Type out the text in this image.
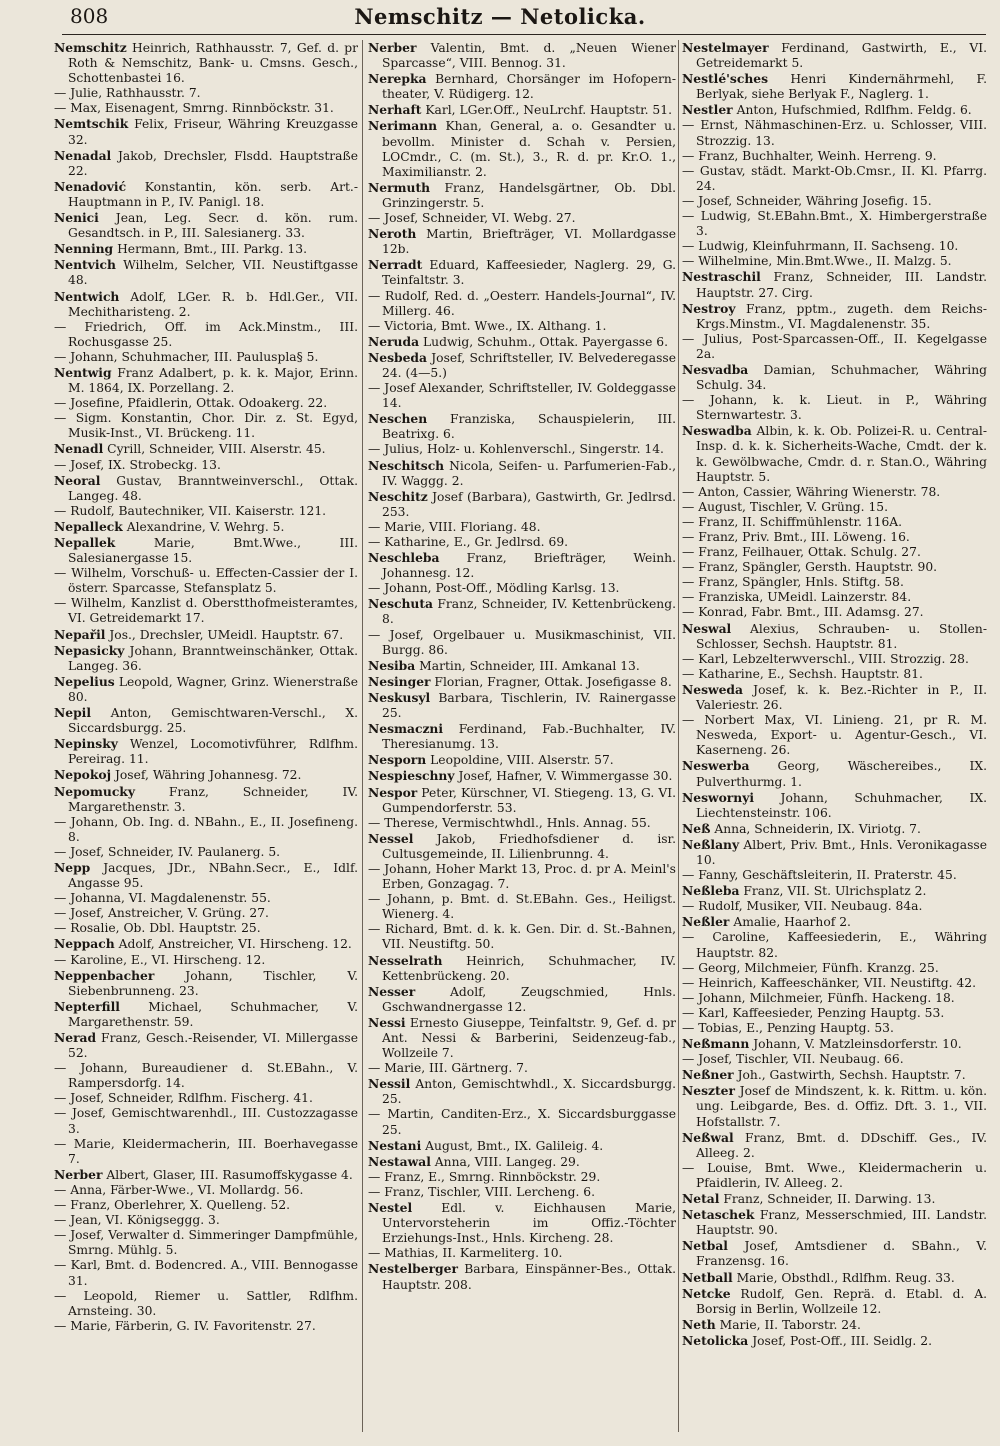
808	Nemschitz — Netolicka.

Nemschitz Heinrich, Rathhausstr. 7, Gef. d. pr Roth & Nemschitz, Bank- u. Cmsns. Gesch., Schottenbastei 16.

— Julie, Rathhausstr. 7.

— Max, Eisenagent, Smrng. Rinnböckstr. 31.

Nemtschik Felix, Friseur, Währing Kreuzgasse 32.

Nenadal Jakob, Drechsler, Flsdd. Hauptstraße 22.

Nenadović Konstantin, kön. serb. Art.-Hauptmann in P., IV. Panigl. 18.

Nenici Jean, Leg. Secr. d. kön. rum. Gesandtsch. in P., III. Salesianerg. 33.

Nenning Hermann, Bmt., III. Parkg. 13.

Nentvich Wilhelm, Selcher, VII. Neustiftgasse 48.

Nentwich Adolf, LGer. R. b. Hdl.Ger., VII. Mechitharisteng. 2.

— Friedrich, Off. im Ack.Minstm., III. Rochusgasse 25.

— Johann, Schuhmacher, III. Pauluspla§ 5.

Nentwig Franz Adalbert, p. k. k. Major, Erinn. M. 1864, IX. Porzellang. 2.

— Josefine, Pfaidlerin, Ottak. Odoakerg. 22.

— Sigm. Konstantin, Chor. Dir. z. St. Egyd, Musik-Inst., VI. Brückeng. 11.

Nenadl Cyrill, Schneider, VIII. Alserstr. 45.

— Josef, IX. Strobeckg. 13.

Neoral Gustav, Branntweinverschl., Ottak. Langeg. 48.

— Rudolf, Bautechniker, VII. Kaiserstr. 121.

Nepalleck Alexandrine, V. Wehrg. 5.

Nepallek	Marie, Bmt.Wwe., III. Salesianergasse 15.

— Wilhelm, Vorschuß- u. Effecten-Cassier der I. österr. Sparcasse, Stefansplatz 5.

— Wilhelm, Kanzlist d. Oberstthofmeisteramtes, VI. Getreidemarkt 17.

Nepařil Jos., Drechsler, UMeidl. Hauptstr. 67.

Nepasicky Johann, Branntweinschänker, Ottak. Langeg. 36.

Nepelius Leopold, Wagner, Grinz. Wienerstraße 80.

Nepil Anton, Gemischtwaren-Verschl., X. Siccardsburgg. 25.

Nepinsky Wenzel, Locomotivführer, Rdlfhm. Pereirag. 11.

Nepokoj Josef, Währing Johannesg. 72.

Nepomucky	Franz, Schneider, IV. Margarethenstr. 3.

— Johann, Ob. Ing. d. NBahn., E., II. Josefineng. 8.

— Josef, Schneider, IV. Paulanerg. 5.

Nepp Jacques, JDr., NBahn.Secr., E., Idlf. Angasse 95.

— Johanna, VI. Magdalenenstr. 55.

— Josef, Anstreicher, V. Grüng. 27.

— Rosalie, Ob. Dbl. Hauptstr. 25.

Neppach Adolf, Anstreicher, VI. Hirscheng. 12.

— Karoline, E., VI. Hirscheng. 12.

Neppenbacher	Johann, Tischler, V. Siebenbrunneng. 23.

Nepterfill Michael, Schuhmacher, V. Margarethenstr. 59.

Nerad Franz, Gesch.-Reisender, VI. Millergasse 52.

— Johann, Bureaudiener d. St.EBahn., V. Rampersdorfg. 14.

— Josef, Schneider, Rdlfhm. Fischerg. 41.

— Josef, Gemischtwarenhdl., III. Custozzagasse 3.

— Marie, Kleidermacherin, III. Boerhavegasse 7.

Nerber Albert, Glaser, III. Rasumoffskygasse 4.

— Anna, Färber-Wwe., VI. Mollardg. 56.

— Franz, Oberlehrer, X. Quelleng. 52.

— Jean, VI. Königseggg. 3.

— Josef, Verwalter d. Simmeringer Dampfmühle, Smrng. Mühlg. 5.

— Karl, Bmt. d. Bodencred. A., VIII. Bennogasse 31.

— Leopold, Riemer u. Sattler, Rdlfhm. Arnsteing. 30.

— Marie, Färberin, G. IV. Favoritenstr. 27.

Nerber Valentin, Bmt. d. „Neuen Wiener Sparcasse“, VIII. Bennog. 31.

Nerepka Bernhard, Chorsänger im Hofopern-theater, V. Rüdigerg. 12.

Nerhaft Karl, LGer.Off., NeuLrchf. Hauptstr. 51.

Nerimann Khan, General, a. o. Gesandter u. bevollm. Minister d. Schah v. Persien, LOCmdr., C. (m. St.), 3., R. d. pr. Kr.O. 1., Maximilianstr. 2.

Nermuth Franz, Handelsgärtner, Ob. Dbl. Grinzingerstr. 5.

— Josef, Schneider, VI. Webg. 27.

Neroth Martin, Briefträger, VI. Mollardgasse 12b.

Nerradt Eduard, Kaffeesieder, Naglerg. 29, G. Teinfaltstr. 3.

— Rudolf, Red. d. „Oesterr. Handels-Journal“, IV. Millerg. 46.

— Victoria, Bmt. Wwe., IX. Althang. 1.

Neruda Ludwig, Schuhm., Ottak. Payergasse 6.

Nesbeda Josef, Schriftsteller, IV. Belvederegasse 24. (4—5.)

— Josef Alexander, Schriftsteller, IV. Goldeggasse 14.

Neschen Franziska, Schauspielerin, III. Beatrixg. 6.

— Julius, Holz- u. Kohlenverschl., Singerstr. 14.

Neschitsch Nicola, Seifen- u. Parfumerien-Fab., IV. Waggg. 2.

Neschitz Josef (Barbara), Gastwirth, Gr. Jedlrsd. 253.

— Marie, VIII. Floriang. 48.

— Katharine, E., Gr. Jedlrsd. 69.

Neschleba Franz, Briefträger, Weinh. Johannesg. 12.

— Johann, Post-Off., Mödling Karlsg. 13.

Neschuta Franz, Schneider, IV. Kettenbrückeng. 8.

— Josef, Orgelbauer u. Musikmaschinist, VII. Burgg. 86.

Nesiba Martin, Schneider, III. Amkanal 13.

Nesinger Florian, Fragner, Ottak. Josefigasse 8.

Neskusyl Barbara, Tischlerin, IV. Rainergasse 25.

Nesmaczni Ferdinand, Fab.-Buchhalter, IV. Theresianumg. 13.

Nesporn Leopoldine, VIII. Alserstr. 57.

Nespieschny Josef, Hafner, V. Wimmergasse 30.

Nespor Peter, Kürschner, VI. Stiegeng. 13, G. VI. Gumpendorferstr. 53.

— Therese, Vermischtwhdl., Hnls. Annag. 55.

Nessel Jakob, Friedhofsdiener d. isr. Cultusgemeinde, II. Lilienbrunng. 4.

— Johann, Hoher Markt 13, Proc. d. pr A. Meinl's Erben, Gonzagag. 7.

— Johann, p. Bmt. d. St.EBahn. Ges., Heiligst. Wienerg. 4.

— Richard, Bmt. d. k. k. Gen. Dir. d. St.-Bahnen, VII. Neustiftg. 50.

Nesselrath Heinrich, Schuhmacher, IV. Kettenbrückeng. 20.

Nesser	Adolf, Zeugschmied, Hnls. Gschwandnergasse 12.

Nessi Ernesto Giuseppe, Teinfaltstr. 9, Gef. d. pr Ant. Nessi & Barberini, Seidenzeug-fab., Wollzeile 7.

— Marie, III. Gärtnerg. 7.

Nessil Anton, Gemischtwhdl., X. Siccardsburgg. 25.

— Martin, Canditen-Erz., X. Siccardsburggasse 25.

Nestani August, Bmt., IX. Galileig. 4.

Nestawal Anna, VIII. Langeg. 29.

— Franz, E., Smrng. Rinnböckstr. 29.

— Franz, Tischler, VIII. Lercheng. 6.

Nestel Edl. v. Eichhausen Marie, Untervorsteherin im Offiz.-Töchter Erziehungs-Inst., Hnls. Kircheng. 28.

— Mathias, II. Karmeliterg. 10.

Nestelberger Barbara, Einspänner-Bes., Ottak. Hauptstr. 208.

Nestelmayer Ferdinand, Gastwirth, E., VI. Getreidemarkt 5.

Nestlé'sches Henri Kindernährmehl, F. Berlyak, siehe Berlyak F., Naglerg. 1.

Nestler Anton, Hufschmied, Rdlfhm. Feldg. 6.

— Ernst, Nähmaschinen-Erz. u. Schlosser, VIII. Strozzig. 13.

— Franz, Buchhalter, Weinh. Herreng. 9.

— Gustav, städt. Markt-Ob.Cmsr., II. Kl. Pfarrg. 24.

— Josef, Schneider, Währing Josefig. 15.

— Ludwig, St.EBahn.Bmt., X. Himbergerstraße 3.

— Ludwig, Kleinfuhrmann, II. Sachseng. 10.

— Wilhelmine, Min.Bmt.Wwe., II. Malzg. 5.

Nestraschil Franz, Schneider, III. Landstr. Hauptstr. 27. Cirg.

Nestroy Franz, pptm., zugeth. dem Reichs-Krgs.Minstm., VI. Magdalenenstr. 35.

— Julius, Post-Sparcassen-Off., II. Kegelgasse 2a.

Nesvadba Damian, Schuhmacher, Währing Schulg. 34.

— Johann, k. k. Lieut. in P., Währing Sternwartestr. 3.

Neswadba Albin, k. k. Ob. Polizei-R. u. Central-Insp. d. k. k. Sicherheits-Wache, Cmdt. der k. k. Gewölbwache, Cmdr. d. r. Stan.O., Währing Hauptstr. 5.

— Anton, Cassier, Währing Wienerstr. 78.

— August, Tischler, V. Grüng. 15.

— Franz, II. Schiffmühlenstr. 116A.

— Franz, Priv. Bmt., III. Löweng. 16.

— Franz, Feilhauer, Ottak. Schulg. 27.

— Franz, Spängler, Gersth. Hauptstr. 90.

— Franz, Spängler, Hnls. Stiftg. 58.

— Franziska, UMeidl. Lainzerstr. 84.

— Konrad, Fabr. Bmt., III. Adamsg. 27.

Neswal Alexius, Schrauben- u. Stollen-Schlosser, Sechsh. Hauptstr. 81.

— Karl, Lebzelterwverschl., VIII. Strozzig. 28.

— Katharine, E., Sechsh. Hauptstr. 81.

Nesweda Josef, k. k. Bez.-Richter in P., II. Valeriestr. 26.

— Norbert Max, VI. Linieng. 21, pr R. M. Nesweda, Export- u. Agentur-Gesch., VI. Kaserneng. 26.

Neswerba Georg, Wäschereibes., IX. Pulverthurmg. 1.

Neswornyi Johann, Schuhmacher, IX. Liechtensteinstr. 106.

Neß Anna, Schneiderin, IX. Viriotg. 7.

Neßlany Albert, Priv. Bmt., Hnls. Veronikagasse 10.

— Fanny, Geschäftsleiterin, II. Praterstr. 45.

Neßleba Franz, VII. St. Ulrichsplatz 2.

— Rudolf, Musiker, VII. Neubaug. 84a.

Neßler Amalie, Haarhof 2.

— Caroline, Kaffeesiederin, E., Währing Hauptstr. 82.

— Georg, Milchmeier, Fünfh. Kranzg. 25.

— Heinrich, Kaffeeschänker, VII. Neustiftg. 42.

— Johann, Milchmeier, Fünfh. Hackeng. 18.

— Karl, Kaffeesieder, Penzing Hauptg. 53.

— Tobias, E., Penzing Hauptg. 53.

Neßmann Johann, V. Matzleinsdorferstr. 10.

— Josef, Tischler, VII. Neubaug. 66.

Neßner Joh., Gastwirth, Sechsh. Hauptstr. 7.

Neszter Josef de Mindszent, k. k. Rittm. u. kön. ung. Leibgarde, Bes. d. Offiz. Dft. 3. 1., VII. Hofstallstr. 7.

Neßwal Franz, Bmt. d. DDschiff. Ges., IV. Alleeg. 2.

— Louise, Bmt. Wwe., Kleidermacherin u. Pfaidlerin, IV. Alleeg. 2.

Netal Franz, Schneider, II. Darwing. 13.

Netaschek Franz, Messerschmied, III. Landstr. Hauptstr. 90.

Netbal Josef, Amtsdiener d. SBahn., V. Franzensg. 16.

Netball Marie, Obsthdl., Rdlfhm. Reug. 33.

Netcke Rudolf, Gen. Reprä. d. Etabl. d. A. Borsig in Berlin, Wollzeile 12.

Neth Marie, II. Taborstr. 24.

Netolicka Josef, Post-Off., III. Seidlg. 2.
